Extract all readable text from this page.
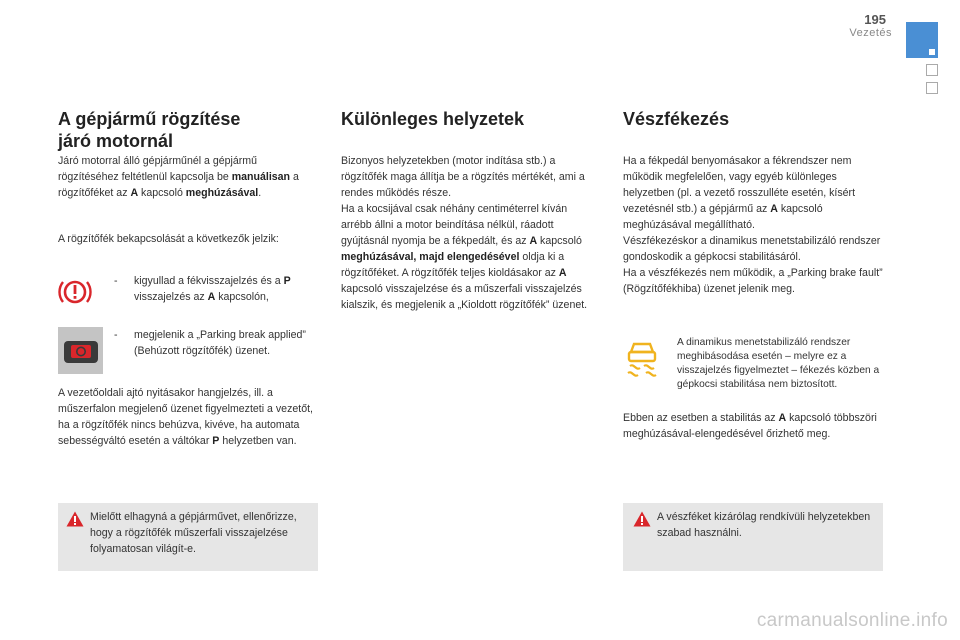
195
Vezetés
A gépjármű rögzítése
járó motornál
Járó motorral álló gépjárműnél a gépjármű rögzítéséhez feltétlenül kapcsolja be manuálisan a rögzítőféket az A kapcsoló meghúzásával.
A rögzítőfék bekapcsolását a következők jelzik:
- kigyullad a fékvisszajelzés és a P visszajelzés az A kapcsolón,
- megjelenik a „Parking break applied” (Behúzott rögzítőfék) üzenet.
A vezetőoldali ajtó nyitásakor hangjelzés, ill. a műszerfalon megjelenő üzenet figyelmezteti a vezetőt, ha a rögzítőfék nincs behúzva, kivéve, ha automata sebességváltó esetén a váltókar P helyzetben van.
Mielőtt elhagyná a gépjárművet, ellenőrizze, hogy a rögzítőfék műszerfali visszajelzése folyamatosan világít-e.
Különleges helyzetek
Bizonyos helyzetekben (motor indítása stb.) a rögzítőfék maga állítja be a rögzítés mértékét, ami a rendes működés része.
Ha a kocsijával csak néhány centiméterrel kíván arrébb állni a motor beindítása nélkül, ráadott gyújtásnál nyomja be a fékpedált, és az A kapcsoló meghúzásával, majd elengedésével oldja ki a rögzítőféket. A rögzítőfék teljes kioldásakor az A kapcsoló visszajelzése és a műszerfali visszajelzés kialszik, és megjelenik a „Kioldott rögzítőfék” üzenet.
Vészfékezés
Ha a fékpedál benyomásakor a fékrendszer nem működik megfelelően, vagy egyéb különleges helyzetben (pl. a vezető rosszulléte esetén, kísért vezetésnél stb.) a gépjármű az A kapcsoló meghúzásával megállítható.
Vészfékezéskor a dinamikus menetstabilizáló rendszer gondoskodik a gépkocsi stabilitásáról.
Ha a vészfékezés nem működik, a „Parking brake fault” (Rögzítőfékhiba) üzenet jelenik meg.
A dinamikus menetstabilizáló rendszer meghibásodása esetén – melyre ez a visszajelzés figyelmeztet – fékezés közben a gépkocsi stabilitása nem biztosított.
Ebben az esetben a stabilitás az A kapcsoló többszöri meghúzásával-elengedésével őrizhető meg.
A vészféket kizárólag rendkívüli helyzetekben szabad használni.
carmanualsonline.info
